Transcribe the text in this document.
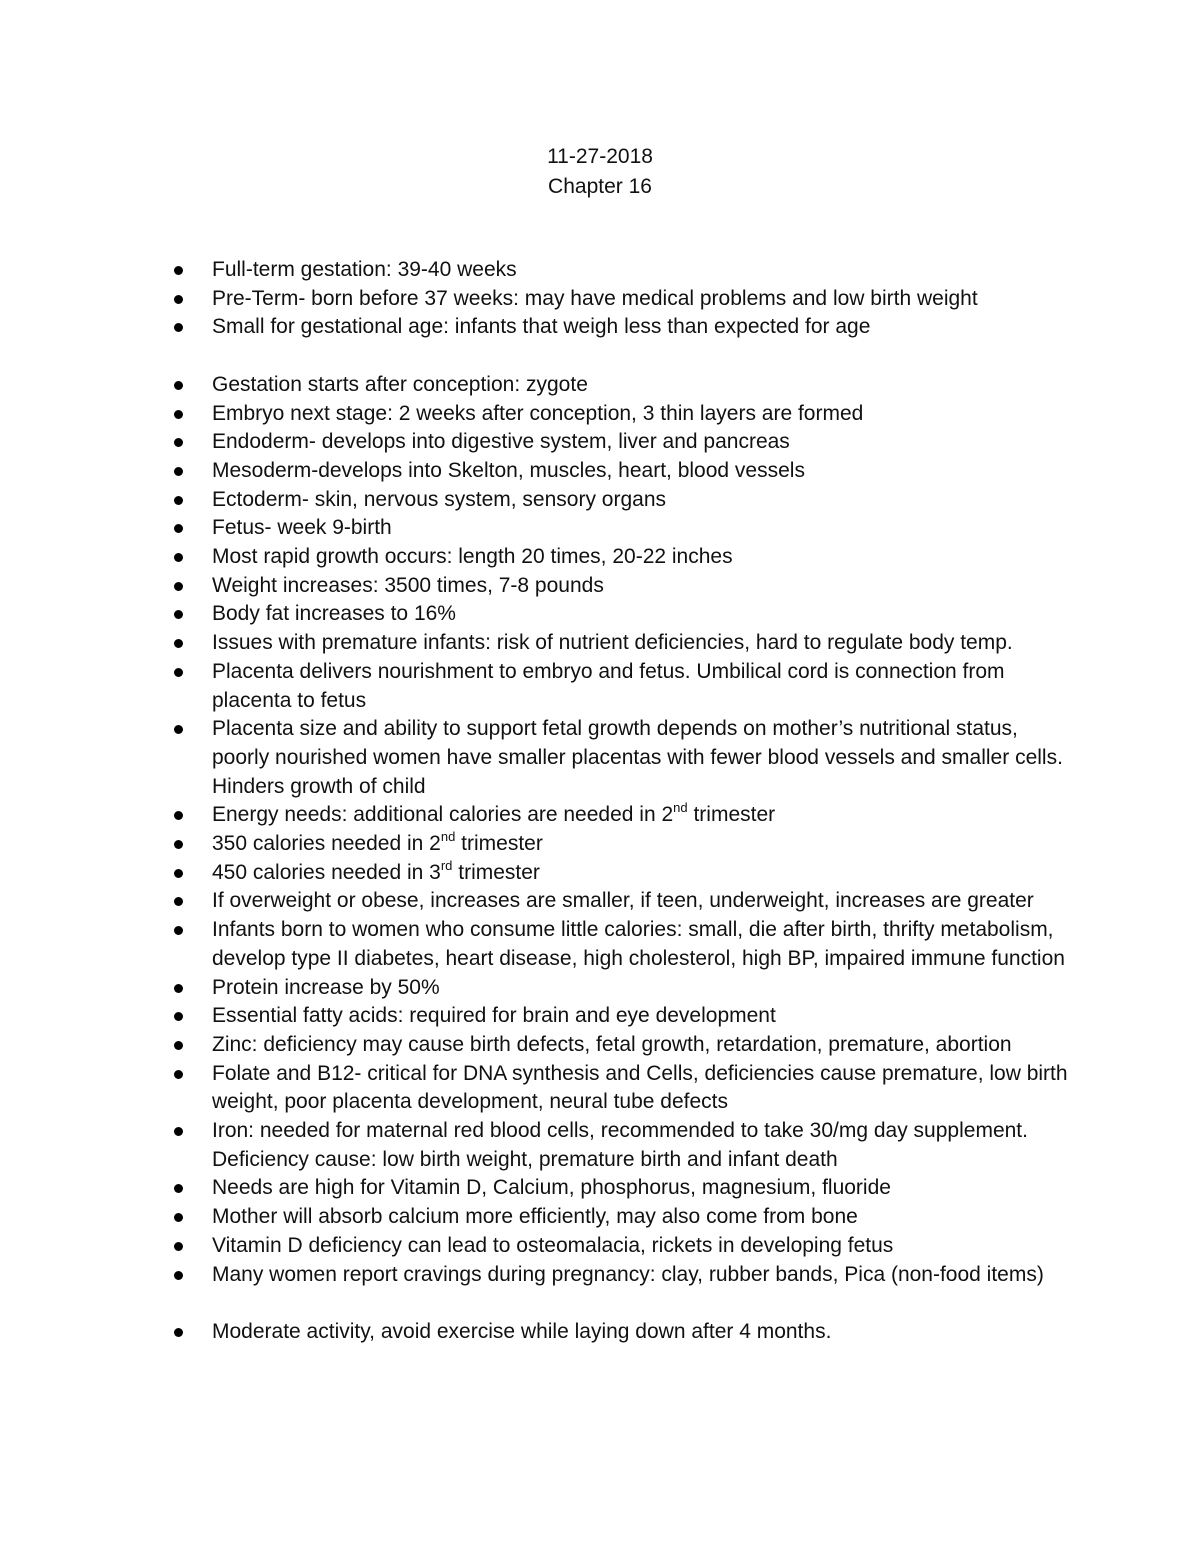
11-27-2018
Chapter 16
Full-term gestation: 39-40 weeks
Pre-Term- born before 37 weeks: may have medical problems and low birth weight
Small for gestational age: infants that weigh less than expected for age
Gestation starts after conception: zygote
Embryo next stage: 2 weeks after conception, 3 thin layers are formed
Endoderm- develops into digestive system, liver and pancreas
Mesoderm-develops into Skelton, muscles, heart, blood vessels
Ectoderm- skin, nervous system, sensory organs
Fetus- week 9-birth
Most rapid growth occurs: length 20 times, 20-22 inches
Weight increases: 3500 times, 7-8 pounds
Body fat increases to 16%
Issues with premature infants: risk of nutrient deficiencies, hard to regulate body temp.
Placenta delivers nourishment to embryo and fetus. Umbilical cord is connection from placenta to fetus
Placenta size and ability to support fetal growth depends on mother’s nutritional status, poorly nourished women have smaller placentas with fewer blood vessels and smaller cells. Hinders growth of child
Energy needs: additional calories are needed in 2nd trimester
350 calories needed in 2nd trimester
450 calories needed in 3rd trimester
If overweight or obese, increases are smaller, if teen, underweight, increases are greater
Infants born to women who consume little calories: small, die after birth, thrifty metabolism, develop type II diabetes, heart disease, high cholesterol, high BP, impaired immune function
Protein increase by 50%
Essential fatty acids: required for brain and eye development
Zinc: deficiency may cause birth defects, fetal growth, retardation, premature, abortion
Folate and B12- critical for DNA synthesis and Cells, deficiencies cause premature, low birth weight, poor placenta development, neural tube defects
Iron: needed for maternal red blood cells, recommended to take 30/mg day supplement. Deficiency cause: low birth weight, premature birth and infant death
Needs are high for Vitamin D, Calcium, phosphorus, magnesium, fluoride
Mother will absorb calcium more efficiently, may also come from bone
Vitamin D deficiency can lead to osteomalacia, rickets in developing fetus
Many women report cravings during pregnancy: clay, rubber bands, Pica (non-food items)
Moderate activity, avoid exercise while laying down after 4 months.
